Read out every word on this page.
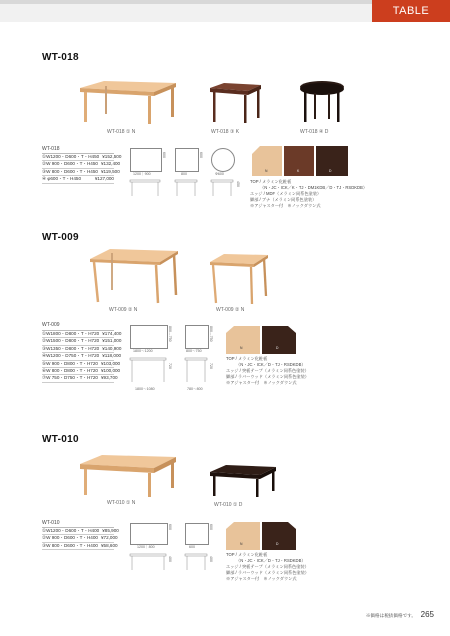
TABLE
WT-018
WT-018 ① N	WT-018 ③ K	WT-018 ④ D
WT-018
①W1200・D600・T・H450 ¥152,500
②W 900・D600・T・H450 ¥132,400
③W 800・D600・T・H450 ¥119,500
④ φ600・T・H450	¥127,000
1200｜900
600
800
600
Φ600
450
N	K	D
TOP / メラミン化粧板
（N・JC・ICK／K・TJ・DM1KDB／D・TJ・RSDKDB）
エッジ / MDF（メラミン同系色塗装）
脚部 / ブナ（メラミン同系色塗装）
※アジャスター付　※ノックダウン式
WT-009
WT-009 ② N	WT-009 ② N
WT-009
①W1800・D800・T・H720 ¥174,400
②W1500・D800・T・H720 ¥151,000
③W1350・D800・T・H720 ¥140,900
④W1200・D750・T・H720 ¥118,000
⑤W 900・D800・T・H720 ¥103,000
⑥W 800・D800・T・H720 ¥100,000
⑦W 750・D750・T・H720 ¥93,700
1800〜1200
800〜750
800〜750
800〜750
720	720
1800〜1080	780〜800
N	D
TOP / メラミン化粧板
（N・JC・ICK／D・TJ・RSDKDB）
エッジ / 突板テープ（メラミン同系色塗装）
脚部 / ラバーウッド（メラミン同系色塗装）
※アジャスター付　※ノックダウン式
WT-010
WT-010 ① N	WT-010 ① D
WT-010
①W1200・D600・T・H400 ¥85,900
②W 900・D600・T・H400 ¥72,000
③W 800・D600・T・H400 ¥58,600	1200｜800
600
600
600
400	400
N	D
TOP / メラミン化粧板
（N・JC・ICK／D・TJ・RSDKDB）
エッジ / 突板テープ（メラミン同系色塗装）
脚部 / ラバーウッド（メラミン同系色塗装）
※アジャスター付　※ノックダウン式
※価格は税抜価格です。 265
